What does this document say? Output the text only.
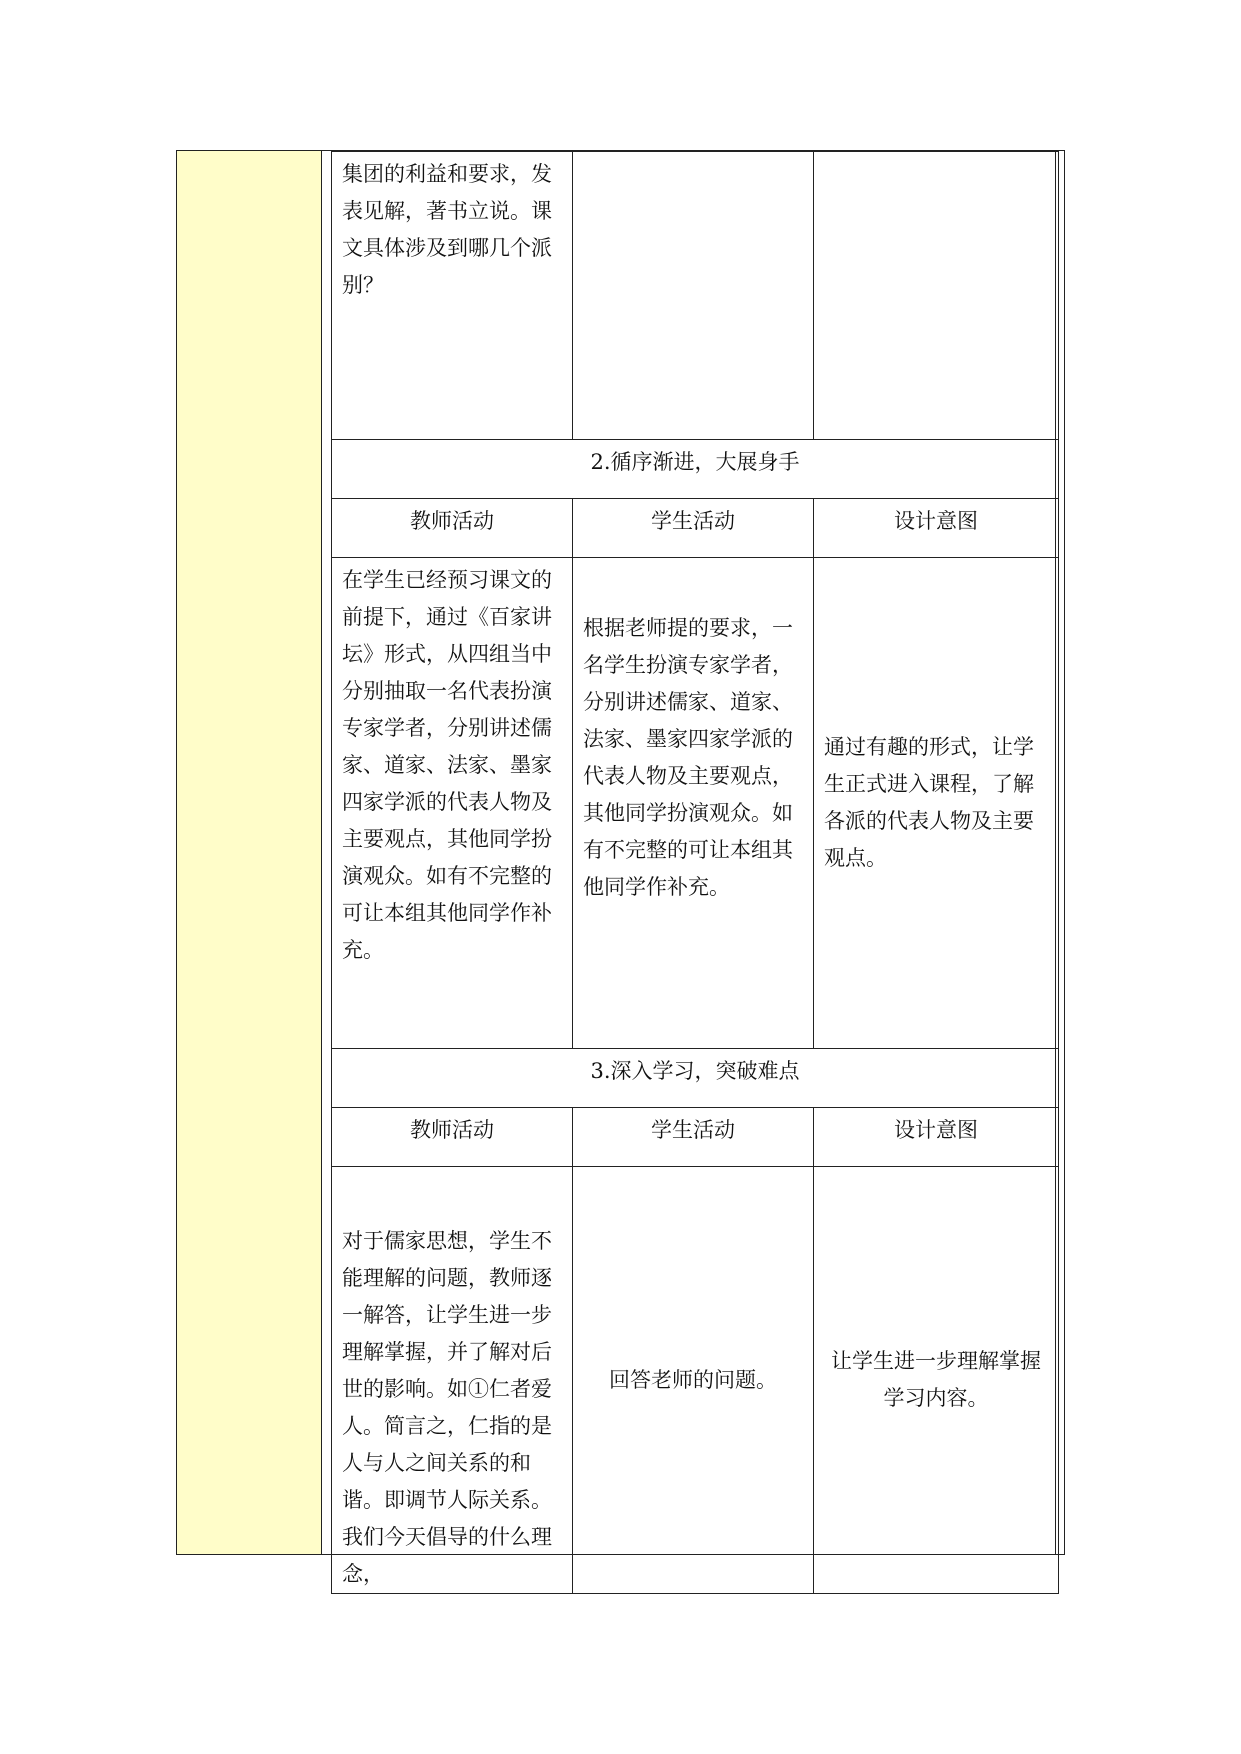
集团的利益和要求，发表见解，著书立说。课文具体涉及到哪几个派别？		
2.循序渐进，大展身手		
教师活动	学生活动	设计意图
在学生已经预习课文的前提下，通过《百家讲坛》形式，从四组当中分别抽取一名代表扮演专家学者，分别讲述儒家、道家、法家、墨家四家学派的代表人物及主要观点，其他同学扮演观众。如有不完整的可让本组其他同学作补充。	根据老师提的要求，一名学生扮演专家学者，分别讲述儒家、道家、法家、墨家四家学派的代表人物及主要观点，其他同学扮演观众。如有不完整的可让本组其他同学作补充。	通过有趣的形式，让学生正式进入课程，了解各派的代表人物及主要观点。
3.深入学习，突破难点		
教师活动	学生活动	设计意图
对于儒家思想，学生不能理解的问题，教师逐一解答，让学生进一步理解掌握，并了解对后世的影响。如①仁者爱人。简言之，仁指的是人与人之间关系的和谐。即调节人际关系。我们今天倡导的什么理念，	回答老师的问题。	让学生进一步理解掌握学习内容。
